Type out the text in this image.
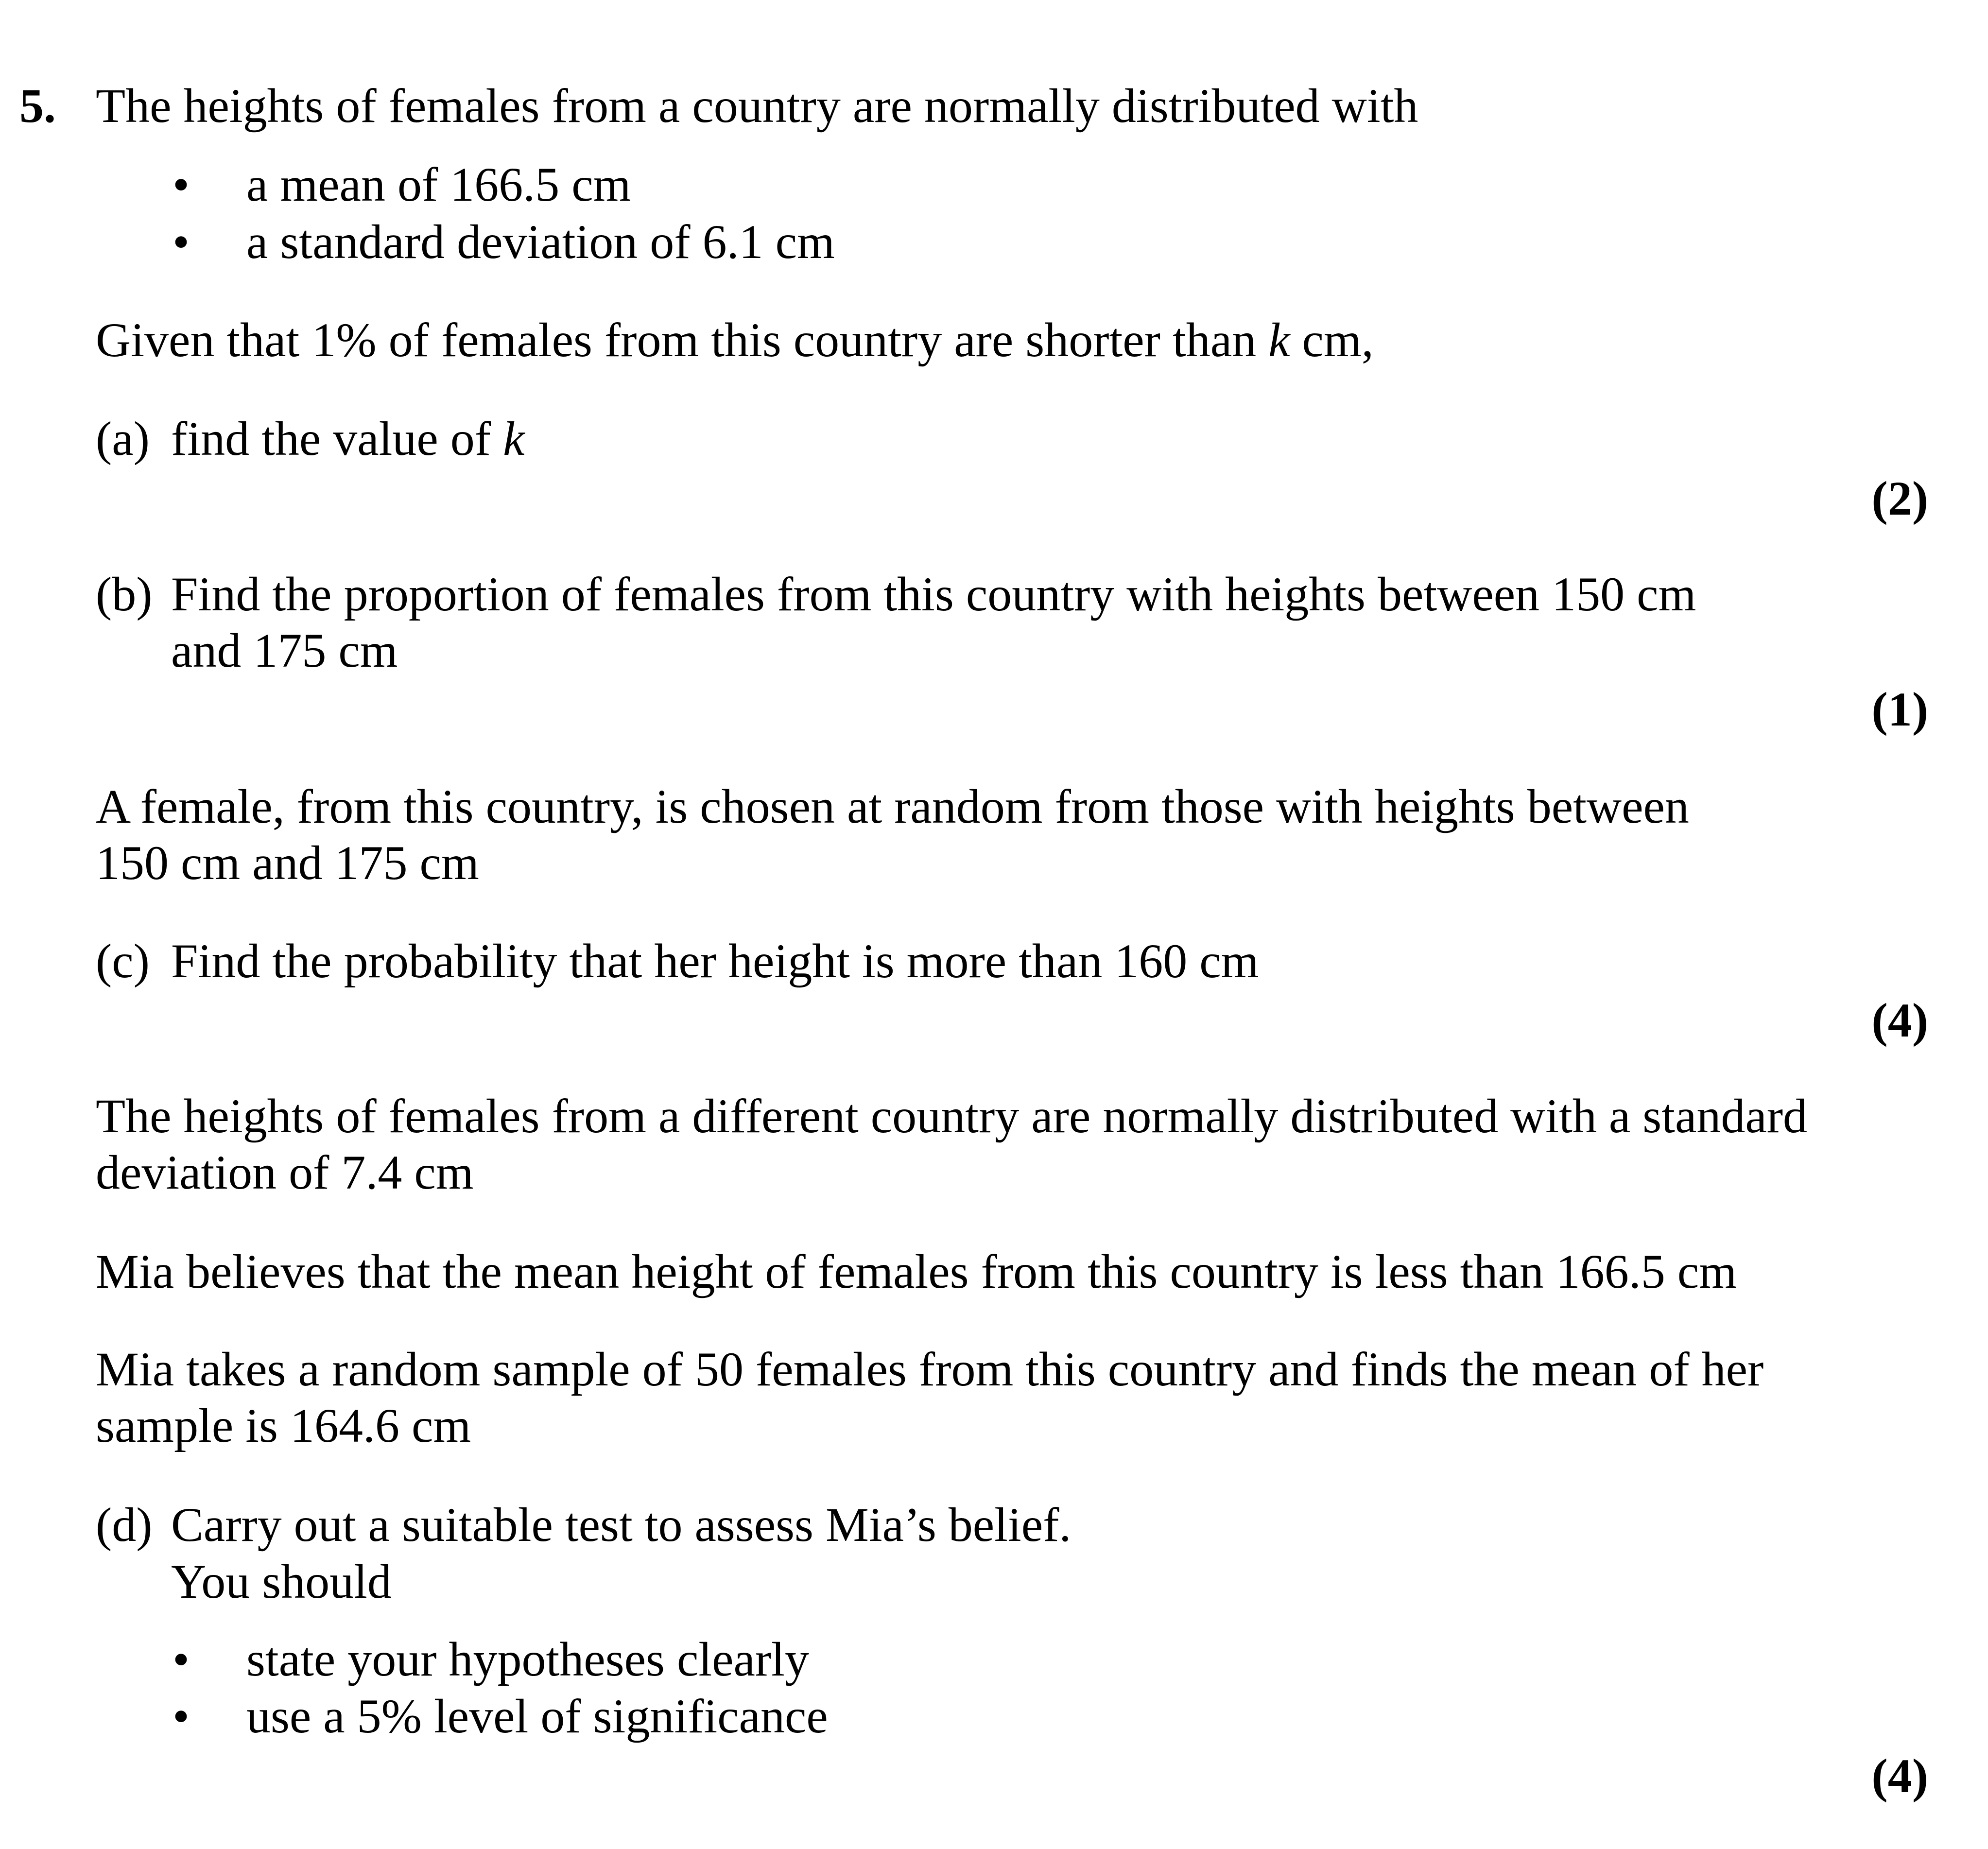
5. The heights of females from a country are normally distributed with
• a mean of 166.5 cm
• a standard deviation of 6.1 cm
Given that 1% of females from this country are shorter than k cm,
(a) find the value of k
(2)
(b) Find the proportion of females from this country with heights between 150 cm
and 175 cm
(1)
A female, from this country, is chosen at random from those with heights between
150 cm and 175 cm
(c) Find the probability that her height is more than 160 cm
(4)
The heights of females from a different country are normally distributed with a standard
deviation of 7.4 cm
Mia believes that the mean height of females from this country is less than 166.5 cm
Mia takes a random sample of 50 females from this country and finds the mean of her
sample is 164.6 cm
(d) Carry out a suitable test to assess Mia’s belief.
You should
• state your hypotheses clearly
• use a 5% level of significance
(4)
